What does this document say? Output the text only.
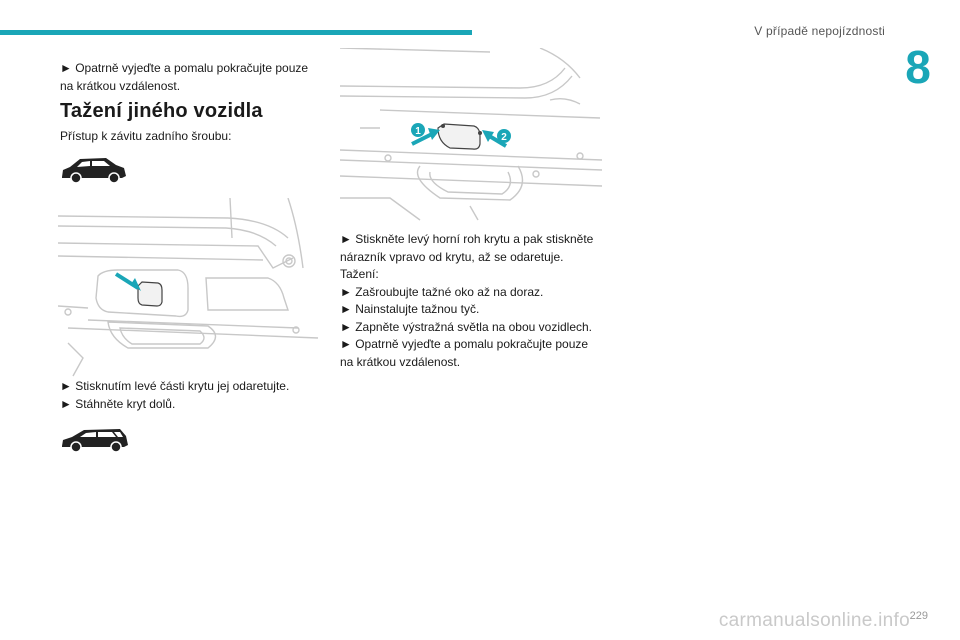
V případě nepojízdnosti
8
► Opatrně vyjeďte a pomalu pokračujte pouze
na krátkou vzdálenost.
Tažení jiného vozidla
Přístup k závitu zadního šroubu:
► Stisknutím levé části krytu jej odaretujte.
► Stáhněte kryt dolů.
1
2
► Stiskněte levý horní roh krytu a pak stiskněte
nárazník vpravo od krytu, až se odaretuje.
Tažení:
► Zašroubujte tažné oko až na doraz.
► Nainstalujte tažnou tyč.
► Zapněte výstražná světla na obou vozidlech.
► Opatrně vyjeďte a pomalu pokračujte pouze
na krátkou vzdálenost.
229
carmanualsonline.info
